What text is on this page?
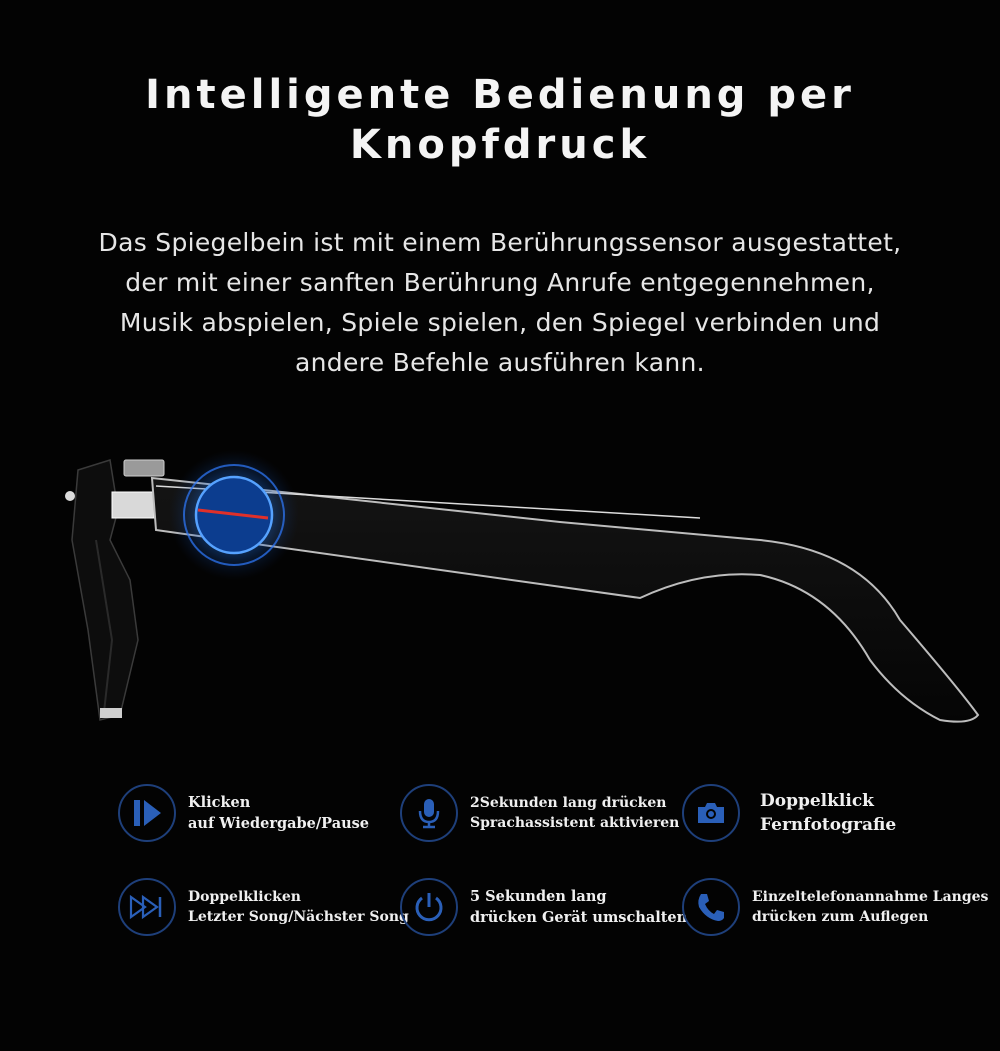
Intelligente Bedienung per
Knopfdruck
Das Spiegelbein ist mit einem Berührungssensor ausgestattet,
der mit einer sanften Berührung Anrufe entgegennehmen,
Musik abspielen, Spiele spielen, den Spiegel verbinden und
andere Befehle ausführen kann.
Klicken
auf Wiedergabe/Pause
2Sekunden lang drücken
Sprachassistent aktivieren
Doppelklick
Fernfotografie
Doppelklicken
Letzter Song/Nächster Song
5 Sekunden lang
drücken Gerät umschalten
Einzeltelefonannahme Langes
drücken zum Auflegen
